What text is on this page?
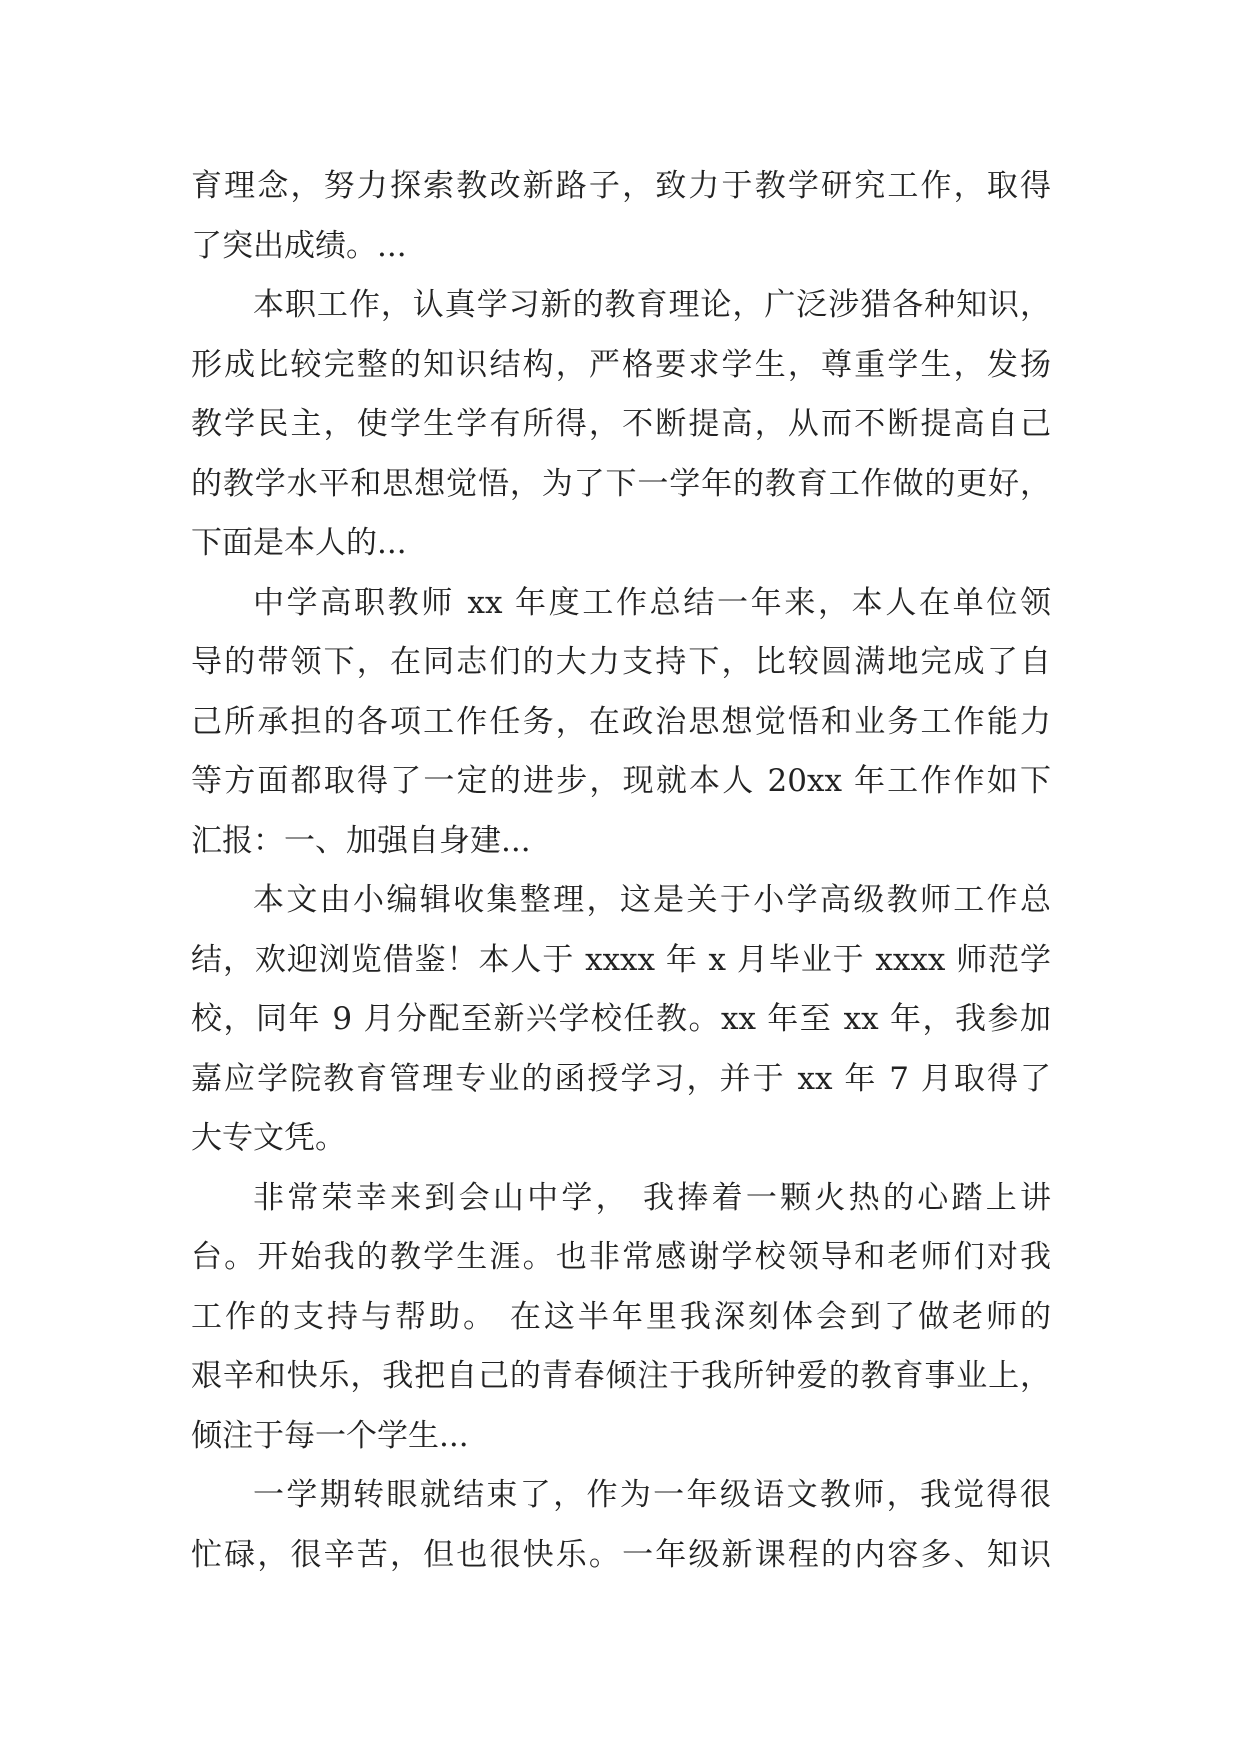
育理念，努力探索教改新路子，致力于教学研究工作，取得
了突出成绩。...
本职工作，认真学习新的教育理论，广泛涉猎各种知识，
形成比较完整的知识结构，严格要求学生，尊重学生，发扬
教学民主，使学生学有所得，不断提高，从而不断提高自己
的教学水平和思想觉悟，为了下一学年的教育工作做的更好，
下面是本人的...
中学高职教师 xx 年度工作总结一年来，本人在单位领
导的带领下，在同志们的大力支持下，比较圆满地完成了自
己所承担的各项工作任务，在政治思想觉悟和业务工作能力
等方面都取得了一定的进步，现就本人 20xx 年工作作如下
汇报：一、加强自身建...
本文由小编辑收集整理，这是关于小学高级教师工作总
结，欢迎浏览借鉴！本人于 xxxx 年 x 月毕业于 xxxx 师范学
校，同年 9 月分配至新兴学校任教。xx 年至 xx 年，我参加
嘉应学院教育管理专业的函授学习，并于 xx 年 7 月取得了
大专文凭。
非常荣幸来到会山中学， 我捧着一颗火热的心踏上讲
台。开始我的教学生涯。也非常感谢学校领导和老师们对我
工作的支持与帮助。 在这半年里我深刻体会到了做老师的
艰辛和快乐，我把自己的青春倾注于我所钟爱的教育事业上，
倾注于每一个学生...
一学期转眼就结束了，作为一年级语文教师，我觉得很
忙碌，很辛苦，但也很快乐。一年级新课程的内容多、知识
